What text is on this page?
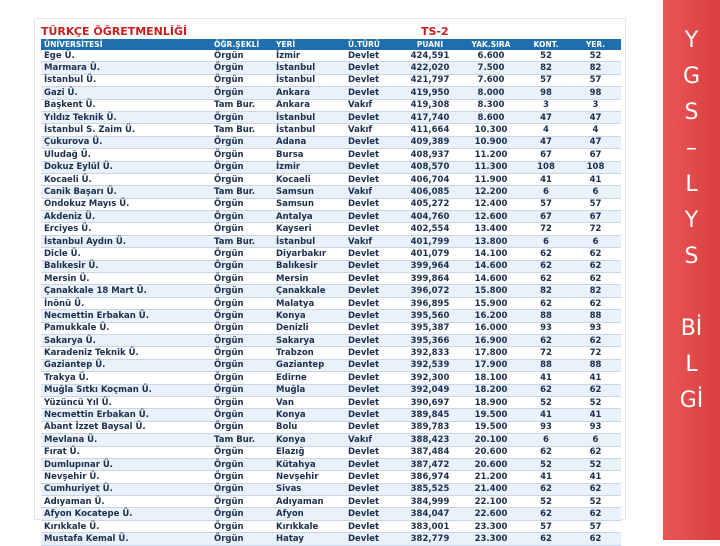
TÜRKÇE ÖĞRETMENLİĞİ	TS-2
ÜNİVERSİTESİ	ÖĞR.ŞEKLİ	YERİ	Ü.TÜRÜ	PUANI	YAK.SIRA	KONT.	YER.
Ege Ü.	Örgün	İzmir	Devlet	424,591	6.600	52	52
Marmara Ü.	Örgün	İstanbul	Devlet	422,020	7.500	82	82
İstanbul Ü.	Örgün	İstanbul	Devlet	421,797	7.600	57	57
Gazi Ü.	Örgün	Ankara	Devlet	419,950	8.000	98	98
Başkent Ü.	Tam Bur.	Ankara	Vakıf	419,308	8.300	3	3
Yıldız Teknik Ü.	Örgün	İstanbul	Devlet	417,740	8.600	47	47
İstanbul S. Zaim Ü.	Tam Bur.	İstanbul	Vakıf	411,664	10.300	4	4
Çukurova Ü.	Örgün	Adana	Devlet	409,389	10.900	47	47
Uludağ Ü.	Örgün	Bursa	Devlet	408,937	11.200	67	67
Dokuz Eylül Ü.	Örgün	İzmir	Devlet	408,570	11.300	108	108
Kocaeli Ü.	Örgün	Kocaeli	Devlet	406,704	11.900	41	41
Canik Başarı Ü.	Tam Bur.	Samsun	Vakıf	406,085	12.200	6	6
Ondokuz Mayıs Ü.	Örgün	Samsun	Devlet	405,272	12.400	57	57
Akdeniz Ü.	Örgün	Antalya	Devlet	404,760	12.600	67	67
Erciyes Ü.	Örgün	Kayseri	Devlet	402,554	13.400	72	72
İstanbul Aydın Ü.	Tam Bur.	İstanbul	Vakıf	401,799	13.800	6	6
Dicle Ü.	Örgün	Diyarbakır	Devlet	401,079	14.100	62	62
Balıkesir Ü.	Örgün	Balıkesir	Devlet	399,964	14.600	62	62
Mersin Ü.	Örgün	Mersin	Devlet	399,864	14.600	62	62
Çanakkale 18 Mart Ü.	Örgün	Çanakkale	Devlet	396,072	15.800	82	82
İnönü Ü.	Örgün	Malatya	Devlet	396,895	15.900	62	62
Necmettin Erbakan Ü.	Örgün	Konya	Devlet	395,560	16.200	88	88
Pamukkale Ü.	Örgün	Denizli	Devlet	395,387	16.000	93	93
Sakarya Ü.	Örgün	Sakarya	Devlet	395,366	16.900	62	62
Karadeniz Teknik Ü.	Örgün	Trabzon	Devlet	392,833	17.800	72	72
Gaziantep Ü.	Örgün	Gaziantep	Devlet	392,539	17.900	88	88
Trakya Ü.	Örgün	Edirne	Devlet	392,300	18.100	41	41
Muğla Sıtkı Koçman Ü.	Örgün	Muğla	Devlet	392,049	18.200	62	62
Yüzüncü Yıl Ü.	Örgün	Van	Devlet	390,697	18.900	52	52
Necmettin Erbakan Ü.	Örgün	Konya	Devlet	389,845	19.500	41	41
Abant İzzet Baysal Ü.	Örgün	Bolu	Devlet	389,783	19.500	93	93
Mevlana Ü.	Tam Bur.	Konya	Vakıf	388,423	20.100	6	6
Fırat Ü.	Örgün	Elazığ	Devlet	387,484	20.600	62	62
Dumlupınar Ü.	Örgün	Kütahya	Devlet	387,472	20.600	52	52
Nevşehir Ü.	Örgün	Nevşehir	Devlet	386,974	21.200	41	41
Cumhuriyet Ü.	Örgün	Sivas	Devlet	385,525	21.400	62	62
Adıyaman Ü.	Örgün	Adıyaman	Devlet	384,999	22.100	52	52
Afyon Kocatepe Ü.	Örgün	Afyon	Devlet	384,047	22.600	62	62
Kırıkkale Ü.	Örgün	Kırıkkale	Devlet	383,001	23.300	57	57
Mustafa Kemal Ü.	Örgün	Hatay	Devlet	382,779	23.300	62	62
Y
G
S
–
L
Y
S
Bİ
L
Gİ
